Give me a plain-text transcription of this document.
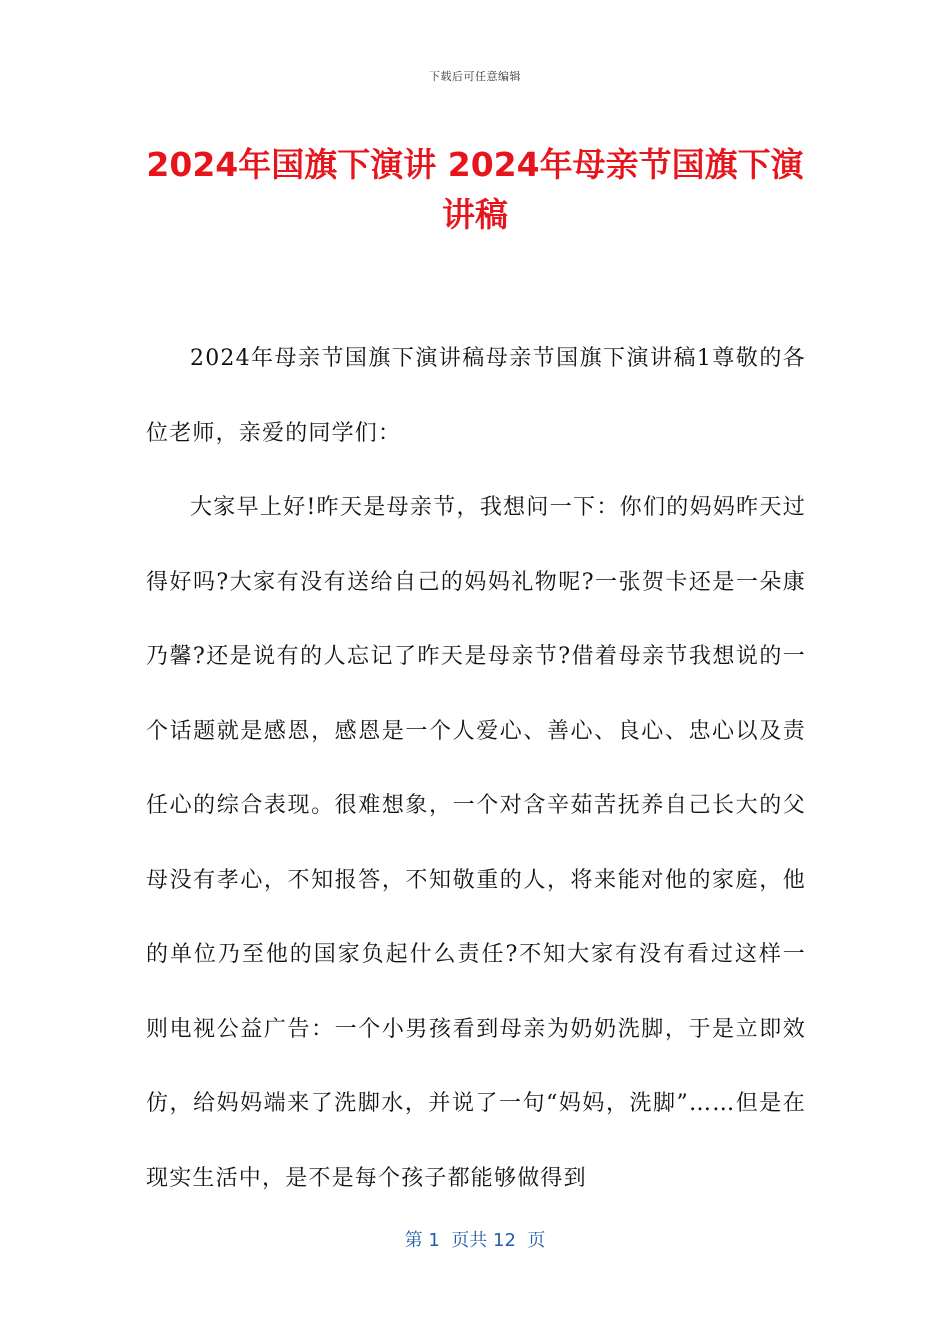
下载后可任意编辑
2024年国旗下演讲 2024年母亲节国旗下演讲稿

2024年母亲节国旗下演讲稿母亲节国旗下演讲稿1尊敬的各位老师，亲爱的同学们：

大家早上好!昨天是母亲节，我想问一下：你们的妈妈昨天过得好吗?大家有没有送给自己的妈妈礼物呢?一张贺卡还是一朵康乃馨?还是说有的人忘记了昨天是母亲节?借着母亲节我想说的一个话题就是感恩，感恩是一个人爱心、善心、良心、忠心以及责任心的综合表现。很难想象，一个对含辛茹苦抚养自己长大的父母没有孝心，不知报答，不知敬重的人，将来能对他的家庭，他的单位乃至他的国家负起什么责任?不知大家有没有看过这样一则电视公益广告：一个小男孩看到母亲为奶奶洗脚，于是立即效仿，给妈妈端来了洗脚水，并说了一句“妈妈，洗脚”……但是在现实生活中，是不是每个孩子都能够做得到

第 1  页共 12  页
